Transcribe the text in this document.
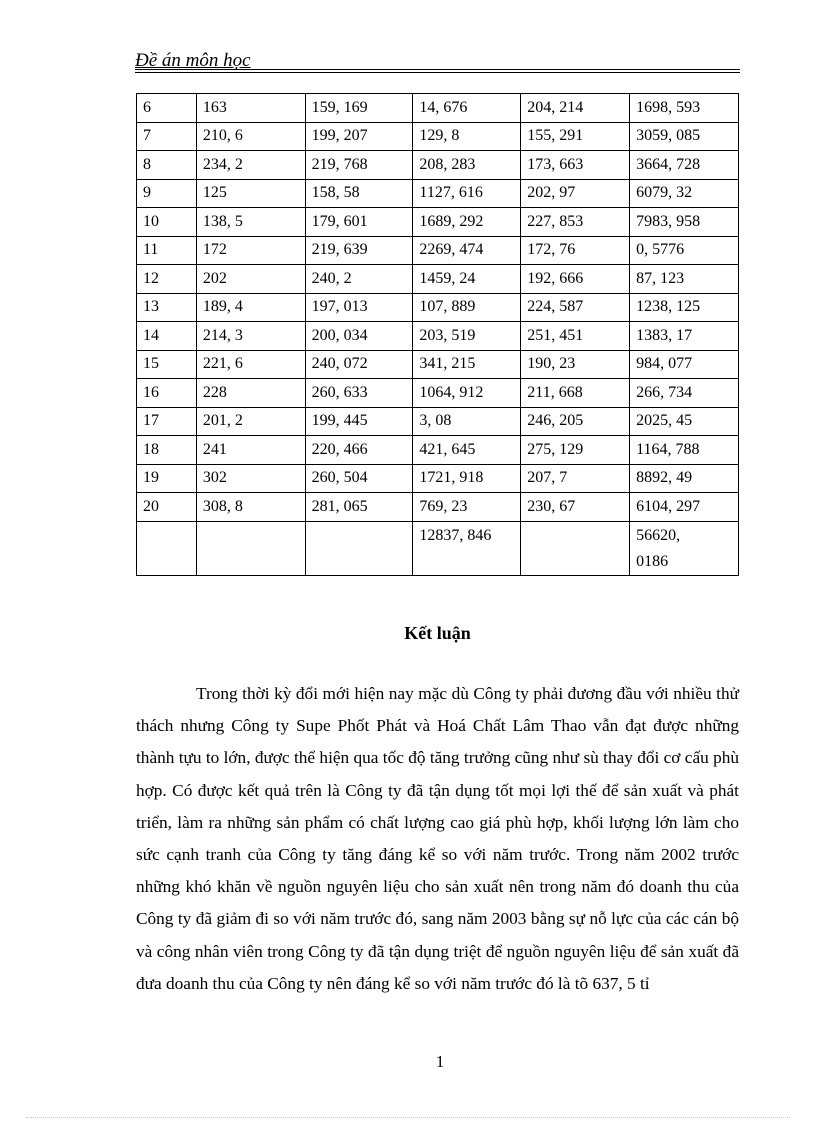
Đề án môn học
6	163	159, 169	14, 676	204, 214	1698, 593
7	210, 6	199, 207	129, 8	155, 291	3059, 085
8	234, 2	219, 768	208, 283	173, 663	3664, 728
9	125	158, 58	1127, 616	202, 97	6079, 32
10	138, 5	179, 601	1689, 292	227, 853	7983, 958
11	172	219, 639	2269, 474	172, 76	0, 5776
12	202	240, 2	1459, 24	192, 666	87, 123
13	189, 4	197, 013	107, 889	224, 587	1238, 125
14	214, 3	200, 034	203, 519	251, 451	1383, 17
15	221, 6	240, 072	341, 215	190, 23	984, 077
16	228	260, 633	1064, 912	211, 668	266, 734
17	201, 2	199, 445	3, 08	246, 205	2025, 45
18	241	220, 466	421, 645	275, 129	1164, 788
19	302	260, 504	1721, 918	207, 7	8892, 49
20	308, 8	281, 065	769, 23	230, 67	6104, 297
			12837, 846		56620, 0186
Kết luận

Trong thời kỳ đổi mới hiện nay mặc dù Công ty phải đương đầu với nhiều thử thách nhưng Công ty Supe Phốt Phát và Hoá Chất Lâm Thao vẫn đạt được những thành tựu to lớn, được thể hiện qua tốc độ tăng trưởng cũng như sù thay đổi cơ cấu phù hợp. Có được kết quả trên là Công ty đã tận dụng tốt mọi lợi thế để sản xuất và phát triển, làm ra những sản phẩm có chất lượng cao giá phù hợp, khối lượng lớn làm cho sức cạnh tranh của Công ty tăng đáng kể so với năm trước. Trong năm 2002 trước những khó khăn về nguồn nguyên liệu cho sản xuất nên trong năm đó doanh thu của Công ty đã giảm đi so với năm trước đó, sang năm 2003 bằng sự nỗ lực của các cán bộ và công nhân viên trong Công ty đã tận dụng triệt để nguồn nguyên liệu để sản xuất đã đưa doanh thu của Công ty nên đáng kể so với năm trước đó là tõ 637, 5 tỉ

1
